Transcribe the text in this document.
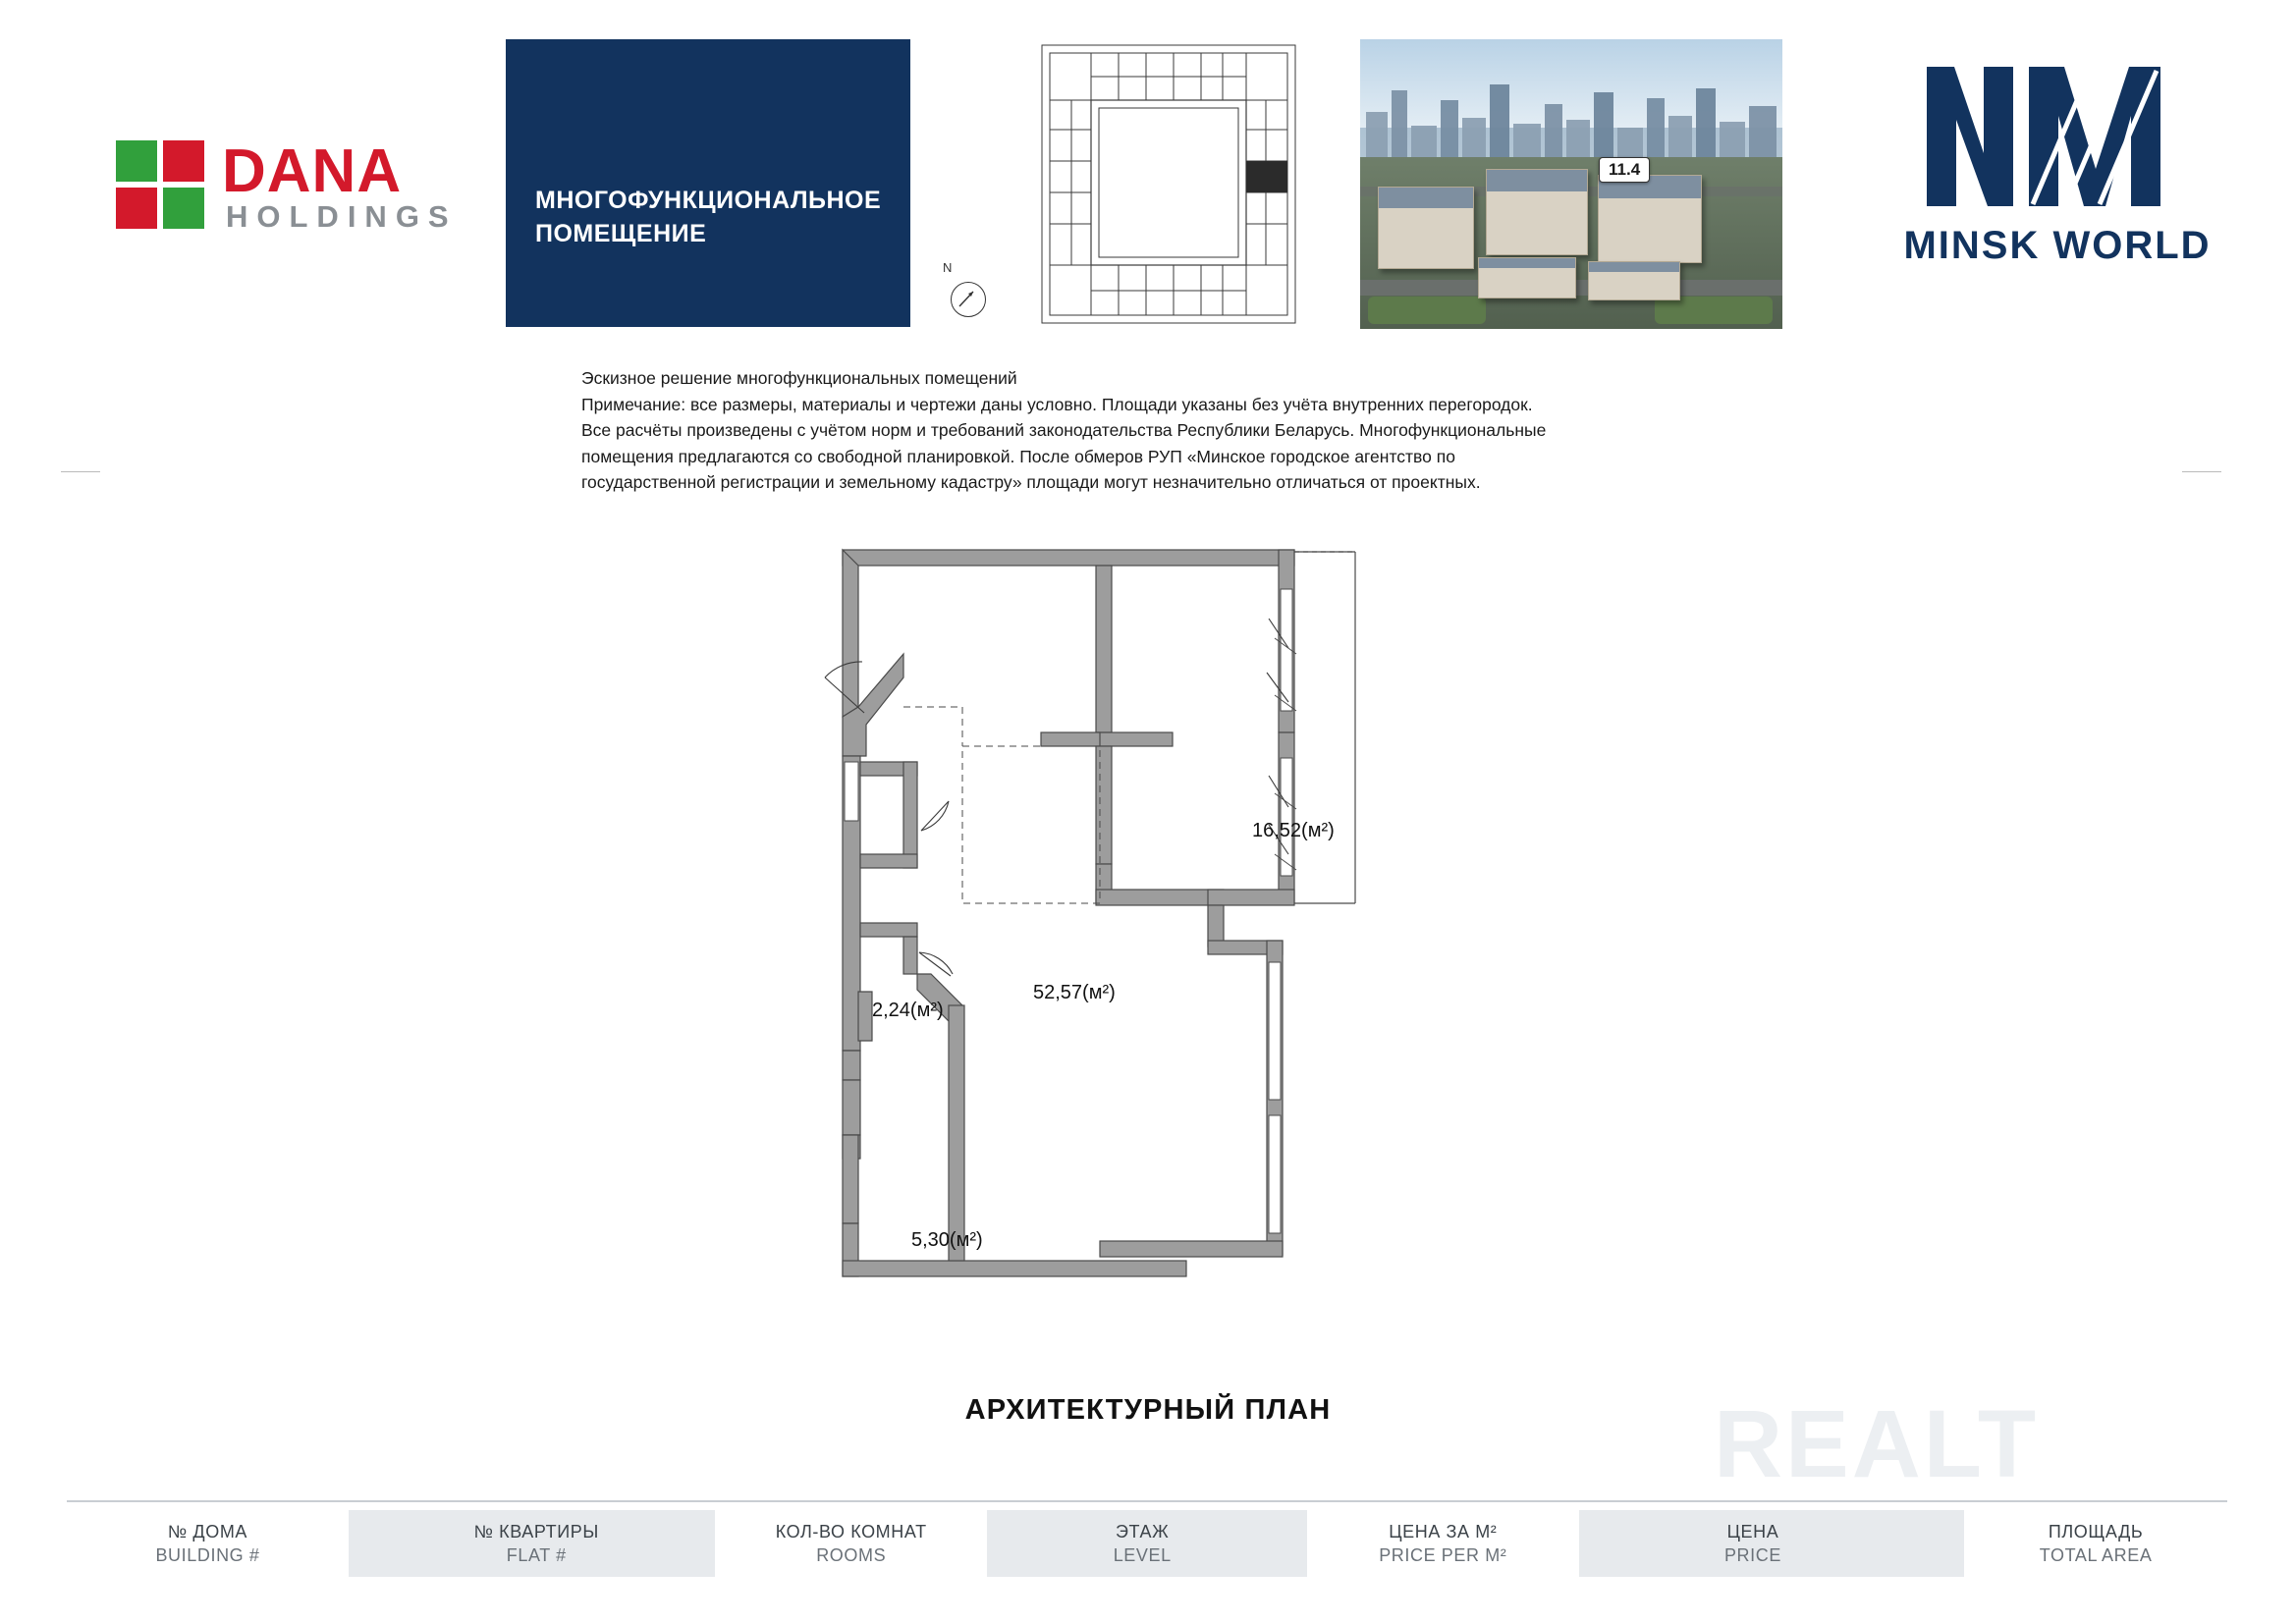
DANA
HOLDINGS	МНОГОФУНКЦИОНАЛЬНОЕ
ПОМЕЩЕНИЕ
N
11.4
MINSK WORLD

Эскизное решение многофункциональных помещений

Примечание: все размеры, материалы и чертежи даны условно. Площади указаны без учёта внутренних перегородок.

Все расчёты произведены с учётом норм и требований законодательства Республики Беларусь. Многофункциональные

помещения предлагаются со свободной планировкой. После обмеров РУП «Минское городское агентство по

государственной регистрации и земельному кадастру» площади могут незначительно отличаться от проектных.

16,52(м²)
52,57(м²)
2,24(м²)
5,30(м²)
АРХИТЕКТУРНЫЙ ПЛАН	REALT
№ ДОМА
BUILDING #
№ КВАРТИРЫ
FLAT #
КОЛ-ВО КОМНАТ
ROOMS
ЭТАЖ
LEVEL
ЦЕНА ЗА М²
PRICE PER M²
ЦЕНА
PRICE
ПЛОЩАДЬ
TOTAL AREA
